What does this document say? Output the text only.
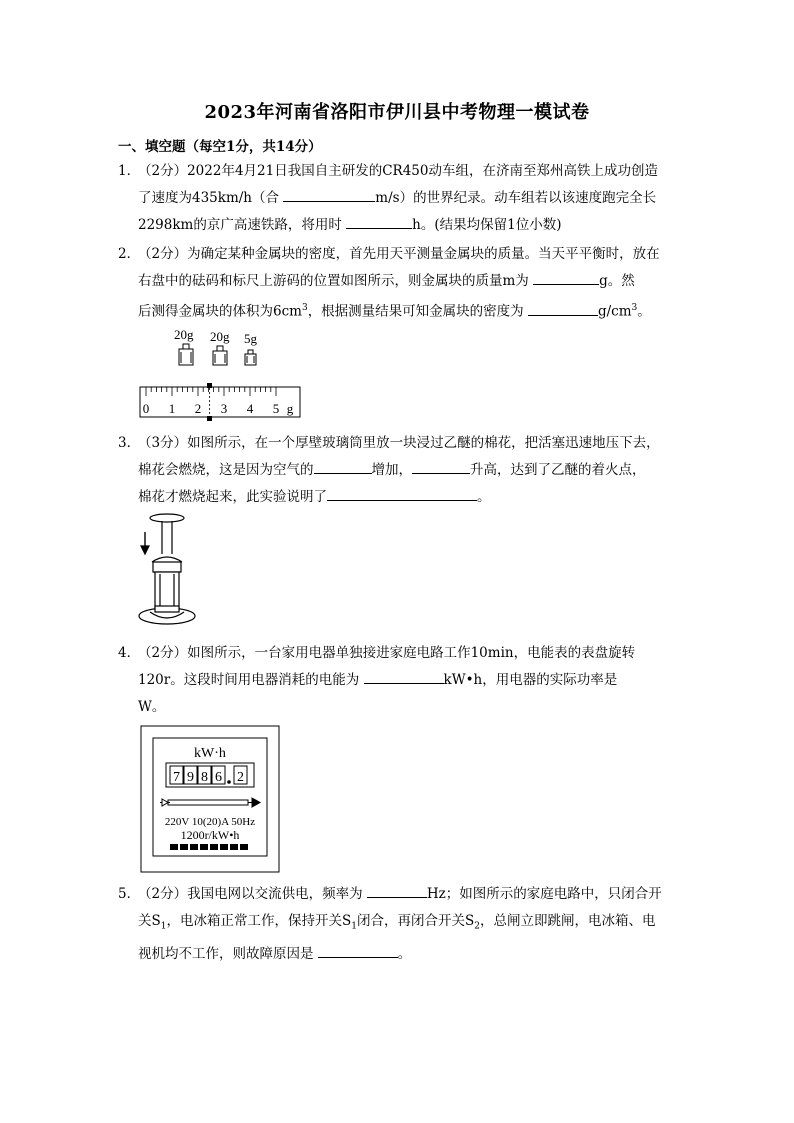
2023年河南省洛阳市伊川县中考物理一模试卷
一、填空题（每空1分，共14分）
1．
（2分）2022年4月21日我国自主研发的CR450动车组，在济南至郑州高铁上成功创造
了速度为435km/h（合	m/s）的世界纪录。动车组若以该速度跑完全长
2298km的京广高速铁路，将用时	h。(结果均保留1位小数)
2．
（2分）为确定某种金属块的密度，首先用天平测量金属块的质量。当天平平衡时，放在
右盘中的砝码和标尺上游码的位置如图所示，则金属块的质量m为	g。然
后测得金属块的体积为$6cm^3$，根据测量结果可知金属块的密度为	$g/cm^3$。
20g 20g 5g
0 1 2 3 4 5 g
3．
（3分）如图所示，在一个厚壁玻璃筒里放一块浸过乙醚的棉花，把活塞迅速地压下去，
棉花会燃烧，这是因为空气的	增加，	升高，达到了乙醚的着火点，
棉花才燃烧起来，此实验说明了	。
4．
（2分）如图所示，一台家用电器单独接进家庭电路工作10min，电能表的表盘旋转
120r。这段时间用电器消耗的电能为	kW•h，用电器的实际功率是
W。
kW·h
7 9 8 6 2
220V 10(20)A 50Hz
1200r/kW•h
5．
（2分）我国电网以交流供电，频率为	Hz；如图所示的家庭电路中，只闭合开
关$S_1$，电冰箱正常工作，保持开关$S_1$闭合，再闭合开关$S_2$，总闸立即跳闸，电冰箱、电
视机均不工作，则故障原因是	。
